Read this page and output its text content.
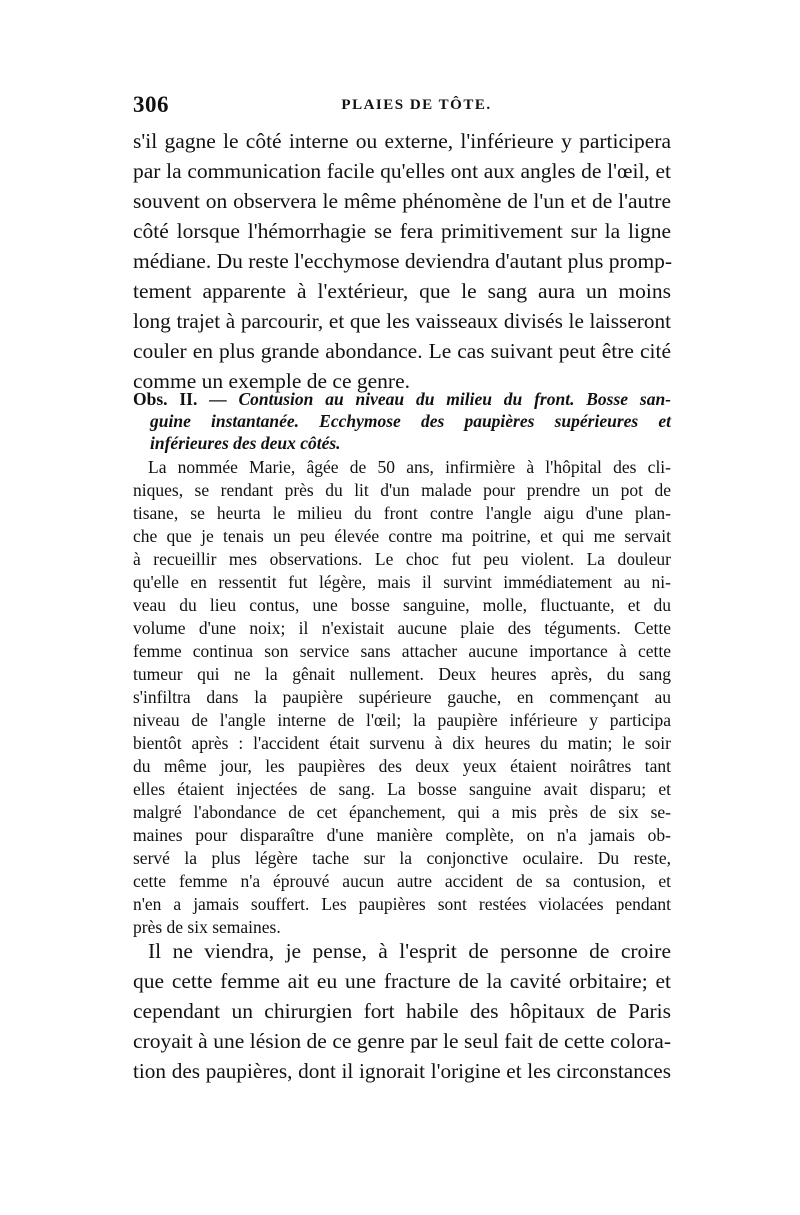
306	PLAIES DE TÔTE.
s'il gagne le côté interne ou externe, l'inférieure y participera
par la communication facile qu'elles ont aux angles de l'œil, et
souvent on observera le même phénomène de l'un et de l'autre
côté lorsque l'hémorrhagie se fera primitivement sur la ligne
médiane. Du reste l'ecchymose deviendra d'autant plus promp-
tement apparente à l'extérieur, que le sang aura un moins
long trajet à parcourir, et que les vaisseaux divisés le laisseront
couler en plus grande abondance. Le cas suivant peut être cité
comme un exemple de ce genre.
Obs. II. — Contusion au niveau du milieu du front. Bosse san-
guine instantanée. Ecchymose des paupières supérieures et
inférieures des deux côtés.
La nommée Marie, âgée de 50 ans, infirmière à l'hôpital des cli-
niques, se rendant près du lit d'un malade pour prendre un pot de
tisane, se heurta le milieu du front contre l'angle aigu d'une plan-
che que je tenais un peu élevée contre ma poitrine, et qui me servait
à recueillir mes observations. Le choc fut peu violent. La douleur
qu'elle en ressentit fut légère, mais il survint immédiatement au ni-
veau du lieu contus, une bosse sanguine, molle, fluctuante, et du
volume d'une noix; il n'existait aucune plaie des téguments. Cette
femme continua son service sans attacher aucune importance à cette
tumeur qui ne la gênait nullement. Deux heures après, du sang
s'infiltra dans la paupière supérieure gauche, en commençant au
niveau de l'angle interne de l'œil; la paupière inférieure y participa
bientôt après : l'accident était survenu à dix heures du matin; le soir
du même jour, les paupières des deux yeux étaient noirâtres tant
elles étaient injectées de sang. La bosse sanguine avait disparu; et
malgré l'abondance de cet épanchement, qui a mis près de six se-
maines pour disparaître d'une manière complète, on n'a jamais ob-
servé la plus légère tache sur la conjonctive oculaire. Du reste,
cette femme n'a éprouvé aucun autre accident de sa contusion, et
n'en a jamais souffert. Les paupières sont restées violacées pendant
près de six semaines.
Il ne viendra, je pense, à l'esprit de personne de croire
que cette femme ait eu une fracture de la cavité orbitaire; et
cependant un chirurgien fort habile des hôpitaux de Paris
croyait à une lésion de ce genre par le seul fait de cette colora-
tion des paupières, dont il ignorait l'origine et les circonstances
